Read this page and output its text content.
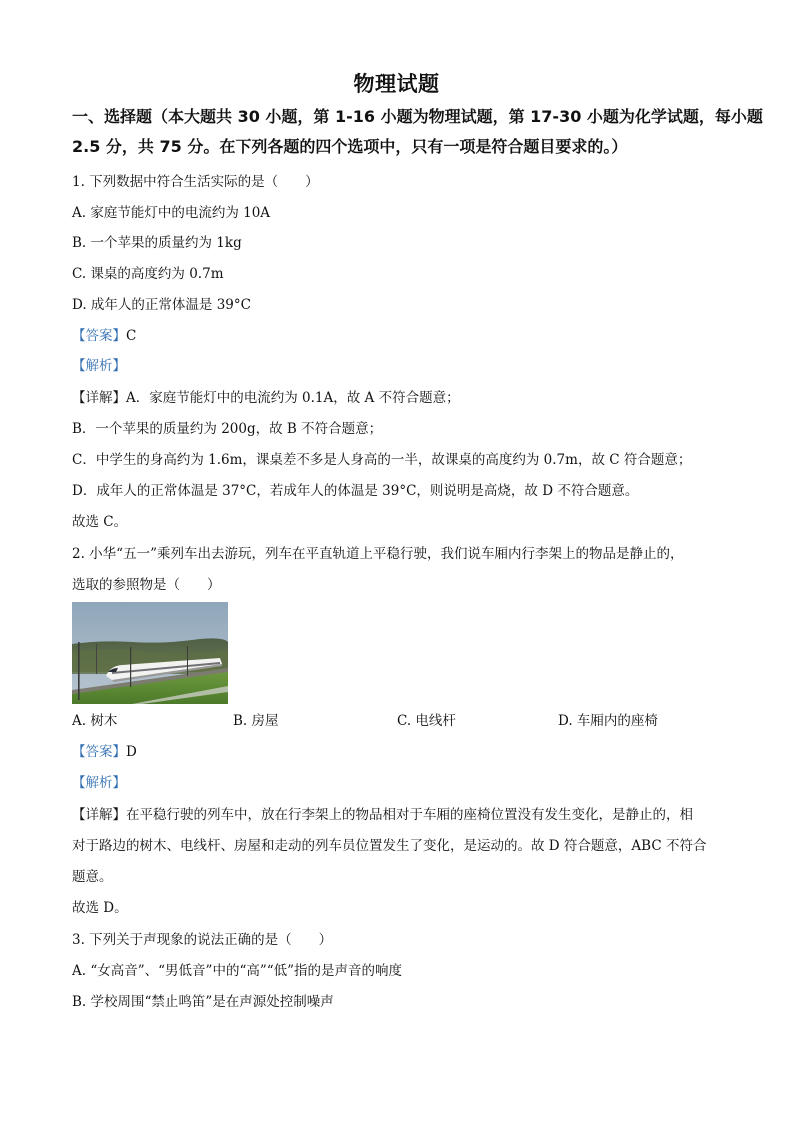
物理试题
一、选择题（本大题共 30 小题，第 1-16 小题为物理试题，第 17-30 小题为化学试题，每小题
2.5 分，共 75 分。在下列各题的四个选项中，只有一项是符合题目要求的。）
1. 下列数据中符合生活实际的是（　　）
A. 家庭节能灯中的电流约为 10A
B. 一个苹果的质量约为 1kg
C. 课桌的高度约为 0.7m
D. 成年人的正常体温是 39°C
【答案】C
【解析】
【详解】A．家庭节能灯中的电流约为 0.1A，故 A 不符合题意；
B．一个苹果的质量约为 200g，故 B 不符合题意；
C．中学生的身高约为 1.6m，课桌差不多是人身高的一半，故课桌的高度约为 0.7m，故 C 符合题意；
D．成年人的正常体温是 37°C，若成年人的体温是 39°C，则说明是高烧，故 D 不符合题意。
故选 C。
2. 小华“五一”乘列车出去游玩，列车在平直轨道上平稳行驶，我们说车厢内行李架上的物品是静止的，
选取的参照物是（　　）
A. 树木	B. 房屋	C. 电线杆	D. 车厢内的座椅
【答案】D
【解析】
【详解】在平稳行驶的列车中，放在行李架上的物品相对于车厢的座椅位置没有发生变化，是静止的，相
对于路边的树木、电线杆、房屋和走动的列车员位置发生了变化，是运动的。故 D 符合题意，ABC 不符合
题意。
故选 D。
3. 下列关于声现象的说法正确的是（　　）
A. “女高音”、“男低音”中的“高”“低”指的是声音的响度
B. 学校周围“禁止鸣笛”是在声源处控制噪声
